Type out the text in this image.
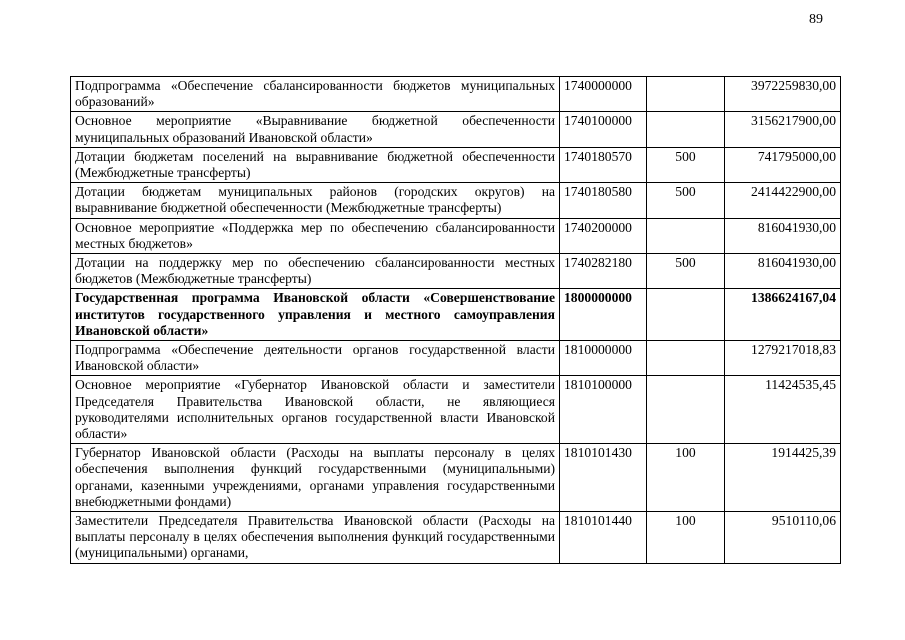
89
Подпрограмма «Обеспечение сбалансированности бюджетов муниципальных образований»	1740000000		3972259830,00
Основное мероприятие «Выравнивание бюджетной обеспеченности муниципальных образований Ивановской области»	1740100000		3156217900,00
Дотации бюджетам поселений на выравнивание бюджетной обеспеченности (Межбюджетные трансферты)	1740180570	500	741795000,00
Дотации бюджетам муниципальных районов (городских округов) на выравнивание бюджетной обеспеченности (Межбюджетные трансферты)	1740180580	500	2414422900,00
Основное мероприятие «Поддержка мер по обеспечению сбалансированности местных бюджетов»	1740200000		816041930,00
Дотации на поддержку мер по обеспечению сбалансированности местных бюджетов (Межбюджетные трансферты)	1740282180	500	816041930,00
Государственная программа Ивановской области «Совершенствование институтов государственного управления и местного самоуправления Ивановской области»	1800000000		1386624167,04
Подпрограмма «Обеспечение деятельности органов государственной власти Ивановской области»	1810000000		1279217018,83
Основное мероприятие «Губернатор Ивановской области и заместители Председателя Правительства Ивановской области, не являющиеся руководителями исполнительных органов государственной власти Ивановской области»	1810100000		11424535,45
Губернатор Ивановской области (Расходы на выплаты персоналу в целях обеспечения выполнения функций государственными (муниципальными) органами, казенными учреждениями, органами управления государственными внебюджетными фондами)	1810101430	100	1914425,39
Заместители Председателя Правительства Ивановской области (Расходы на выплаты персоналу в целях обеспечения выполнения функций государственными (муниципальными) органами,	1810101440	100	9510110,06
